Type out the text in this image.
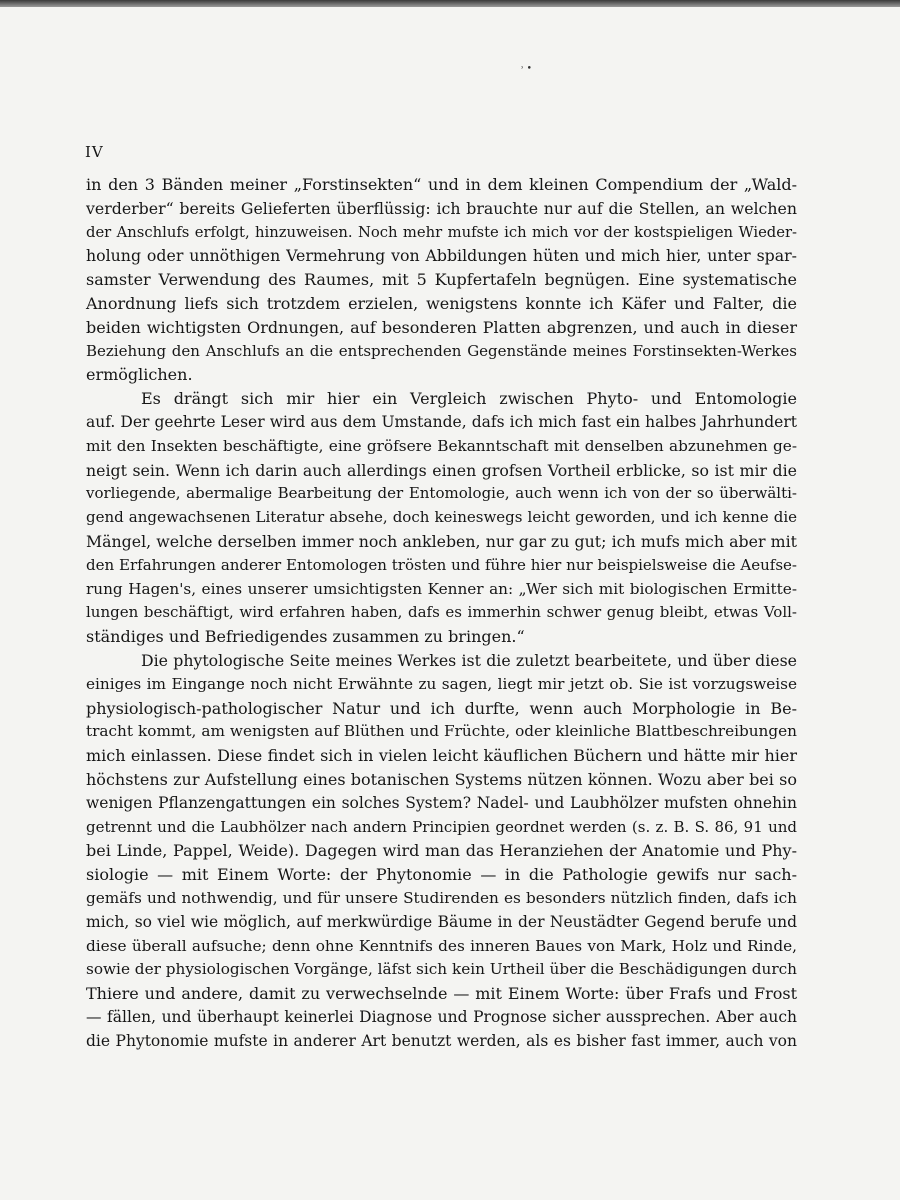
˒ •
IV
in den 3 Bänden meiner „Forstinsekten“ und in dem kleinen Compendium der „Wald-
verderber“ bereits Gelieferten überflüssig: ich brauchte nur auf die Stellen, an welchen
der Anschlufs erfolgt, hinzuweisen. Noch mehr mufste ich mich vor der kostspieligen Wieder-
holung oder unnöthigen Vermehrung von Abbildungen hüten und mich hier, unter spar-
samster Verwendung des Raumes, mit 5 Kupfertafeln begnügen. Eine systematische
Anordnung liefs sich trotzdem erzielen, wenigstens konnte ich Käfer und Falter, die
beiden wichtigsten Ordnungen, auf besonderen Platten abgrenzen, und auch in dieser
Beziehung den Anschlufs an die entsprechenden Gegenstände meines Forstinsekten-Werkes
ermöglichen.
Es drängt sich mir hier ein Vergleich zwischen Phyto- und Entomologie
auf. Der geehrte Leser wird aus dem Umstande, dafs ich mich fast ein halbes Jahrhundert
mit den Insekten beschäftigte, eine gröfsere Bekanntschaft mit denselben abzunehmen ge-
neigt sein. Wenn ich darin auch allerdings einen grofsen Vortheil erblicke, so ist mir die
vorliegende, abermalige Bearbeitung der Entomologie, auch wenn ich von der so überwälti-
gend angewachsenen Literatur absehe, doch keineswegs leicht geworden, und ich kenne die
Mängel, welche derselben immer noch ankleben, nur gar zu gut; ich mufs mich aber mit
den Erfahrungen anderer Entomologen trösten und führe hier nur beispielsweise die Aeufse-
rung Hagen's, eines unserer umsichtigsten Kenner an: „Wer sich mit biologischen Ermitte-
lungen beschäftigt, wird erfahren haben, dafs es immerhin schwer genug bleibt, etwas Voll-
ständiges und Befriedigendes zusammen zu bringen.“
Die phytologische Seite meines Werkes ist die zuletzt bearbeitete, und über diese
einiges im Eingange noch nicht Erwähnte zu sagen, liegt mir jetzt ob. Sie ist vorzugsweise
physiologisch-pathologischer Natur und ich durfte, wenn auch Morphologie in Be-
tracht kommt, am wenigsten auf Blüthen und Früchte, oder kleinliche Blattbeschreibungen
mich einlassen. Diese findet sich in vielen leicht käuflichen Büchern und hätte mir hier
höchstens zur Aufstellung eines botanischen Systems nützen können. Wozu aber bei so
wenigen Pflanzengattungen ein solches System? Nadel- und Laubhölzer mufsten ohnehin
getrennt und die Laubhölzer nach andern Principien geordnet werden (s. z. B. S. 86, 91 und
bei Linde, Pappel, Weide). Dagegen wird man das Heranziehen der Anatomie und Phy-
siologie — mit Einem Worte: der Phytonomie — in die Pathologie gewifs nur sach-
gemäfs und nothwendig, und für unsere Studirenden es besonders nützlich finden, dafs ich
mich, so viel wie möglich, auf merkwürdige Bäume in der Neustädter Gegend berufe und
diese überall aufsuche; denn ohne Kenntnifs des inneren Baues von Mark, Holz und Rinde,
sowie der physiologischen Vorgänge, läfst sich kein Urtheil über die Beschädigungen durch
Thiere und andere, damit zu verwechselnde — mit Einem Worte: über Frafs und Frost
— fällen, und überhaupt keinerlei Diagnose und Prognose sicher aussprechen. Aber auch
die Phytonomie mufste in anderer Art benutzt werden, als es bisher fast immer, auch von
